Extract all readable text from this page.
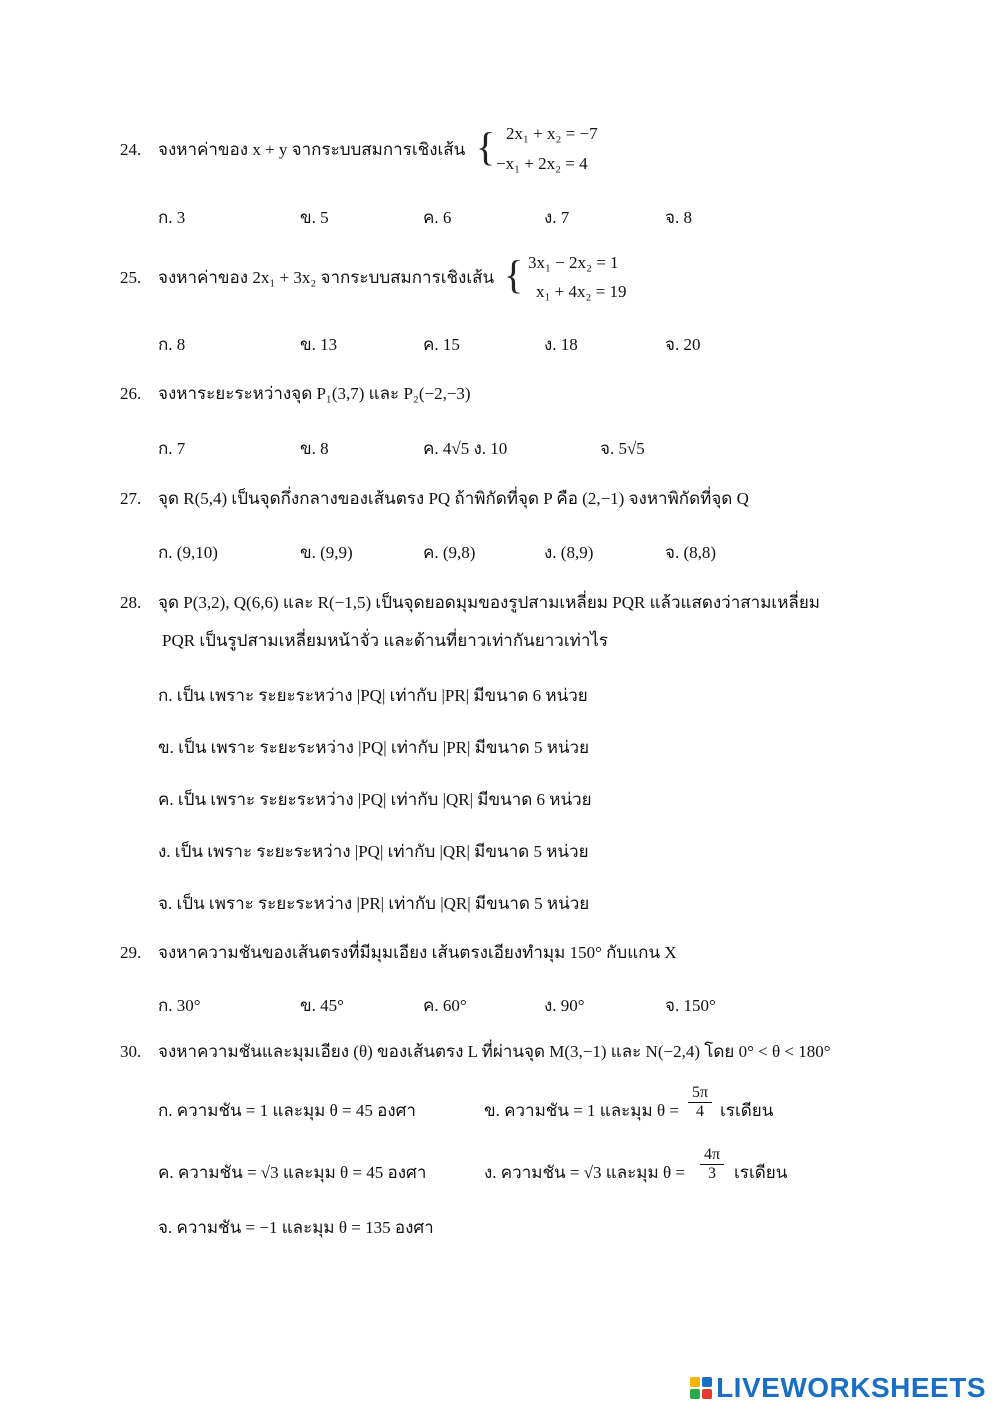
24. จงหาค่าของ x + y จากระบบสมการเชิงเส้น { 2x₁ + x₂ = −7
−x₁ + 2x₂ = 4
ก. 3	ข. 5	ค. 6	ง. 7	จ. 8
25. จงหาค่าของ 2x₁ + 3x₂ จากระบบสมการเชิงเส้น { 3x₁ − 2x₂ = 1
x₁ + 4x₂ = 19
ก. 8	ข. 13	ค. 15	ง. 18	จ. 20
26. จงหาระยะระหว่างจุด P₁(3,7) และ P₂(−2,−3)
ก. 7	ข. 8	ค. 4√5 ง. 10	จ. 5√5
27. จุด R(5,4) เป็นจุดกึ่งกลางของเส้นตรง PQ ถ้าพิกัดที่จุด P คือ (2,−1) จงหาพิกัดที่จุด Q
ก. (9,10)	ข. (9,9)	ค. (9,8)	ง. (8,9)	จ. (8,8)
28. จุด P(3,2), Q(6,6) และ R(−1,5) เป็นจุดยอดมุมของรูปสามเหลี่ยม PQR แล้วแสดงว่าสามเหลี่ยม
PQR เป็นรูปสามเหลี่ยมหน้าจั่ว และด้านที่ยาวเท่ากันยาวเท่าไร
ก. เป็น เพราะ ระยะระหว่าง |PQ| เท่ากับ |PR| มีขนาด 6 หน่วย
ข. เป็น เพราะ ระยะระหว่าง |PQ| เท่ากับ |PR| มีขนาด 5 หน่วย
ค. เป็น เพราะ ระยะระหว่าง |PQ| เท่ากับ |QR| มีขนาด 6 หน่วย
ง. เป็น เพราะ ระยะระหว่าง |PQ| เท่ากับ |QR| มีขนาด 5 หน่วย
จ. เป็น เพราะ ระยะระหว่าง |PR| เท่ากับ |QR| มีขนาด 5 หน่วย
29. จงหาความชันของเส้นตรงที่มีมุมเอียง เส้นตรงเอียงทำมุม 150° กับแกน X
ก. 30°	ข. 45°	ค. 60°	ง. 90°	จ. 150°
30. จงหาความชันและมุมเอียง (θ) ของเส้นตรง L ที่ผ่านจุด M(3,−1) และ N(−2,4) โดย 0° < θ < 180°
ก. ความชัน = 1 และมุม θ = 45 องศา	ข. ความชัน = 1 และมุม $\theta = \frac{5\pi}{4}$ เรเดียน
ค. ความชัน = √3 และมุม θ = 45 องศา	ง. ความชัน = √3 และมุม $\theta = \frac{4\pi}{3}$ เรเดียน
จ. ความชัน = −1 และมุม θ = 135 องศา
LIVEWORKSHEETS
